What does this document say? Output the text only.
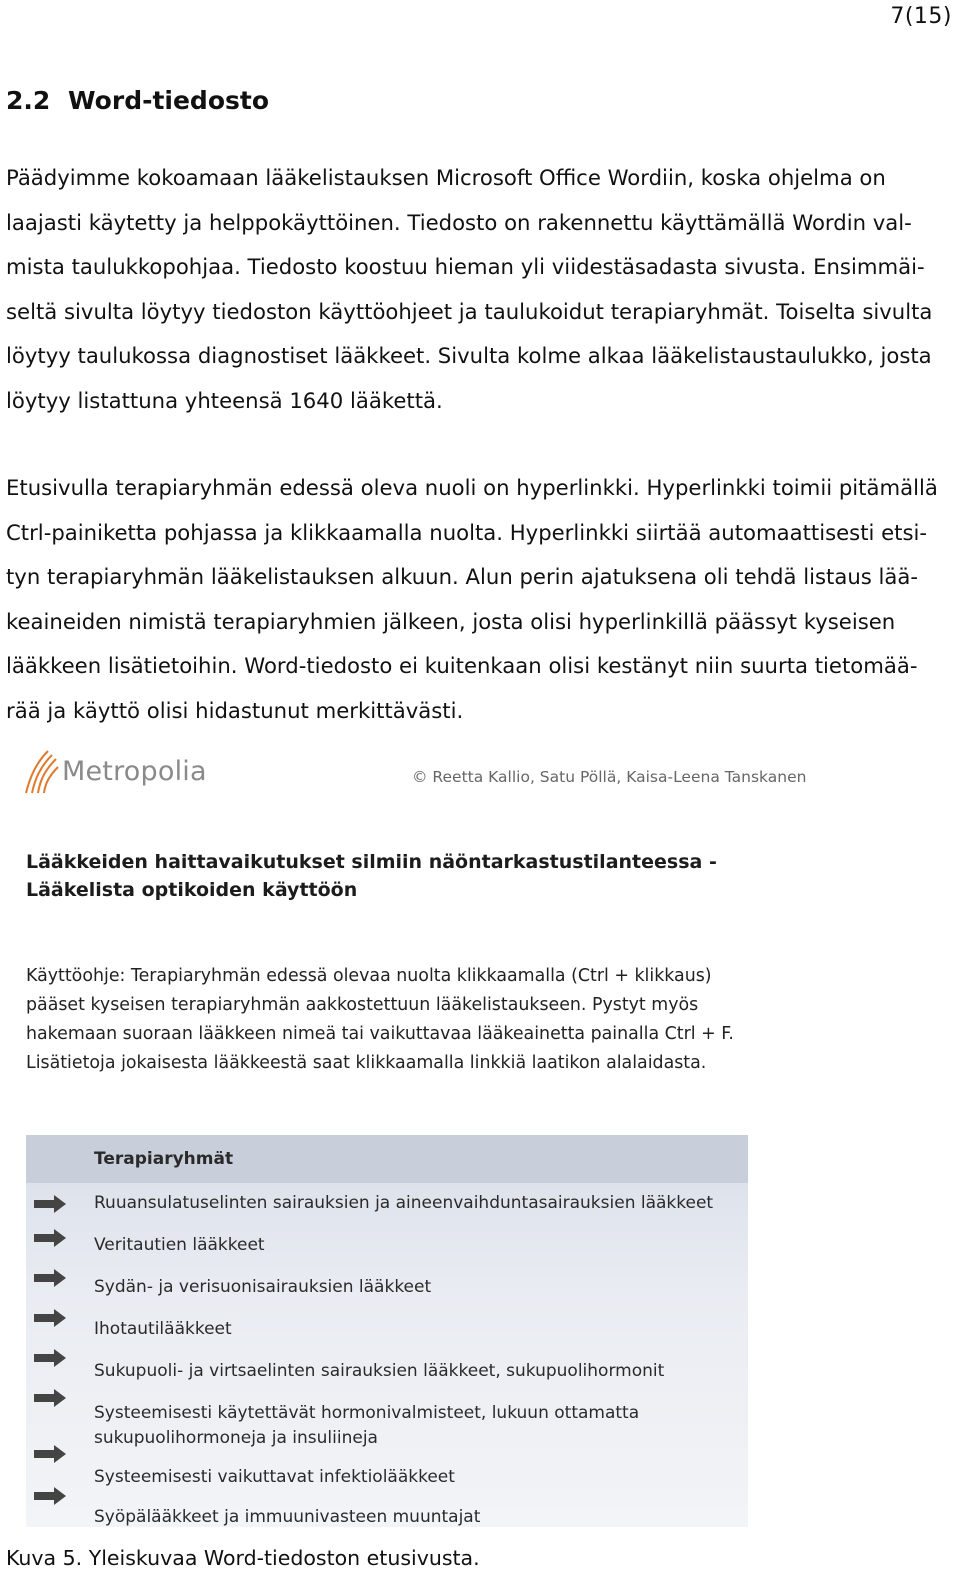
7(15)
2.2 Word-tiedosto

Päädyimme kokoamaan lääkelistauksen Microsoft Office Wordiin, koska ohjelma on
laajasti käytetty ja helppokäyttöinen. Tiedosto on rakennettu käyttämällä Wordin val-
mista taulukkopohjaa. Tiedosto koostuu hieman yli viidestäsadasta sivusta. Ensimmäi-
seltä sivulta löytyy tiedoston käyttöohjeet ja taulukoidut terapiaryhmät. Toiselta sivulta
löytyy taulukossa diagnostiset lääkkeet. Sivulta kolme alkaa lääkelistaustaulukko, josta
löytyy listattuna yhteensä 1640 lääkettä.

Etusivulla terapiaryhmän edessä oleva nuoli on hyperlinkki. Hyperlinkki toimii pitämällä
Ctrl-painiketta pohjassa ja klikkaamalla nuolta. Hyperlinkki siirtää automaattisesti etsi-
tyn terapiaryhmän lääkelistauksen alkuun. Alun perin ajatuksena oli tehdä listaus lää-
keaineiden nimistä terapiaryhmien jälkeen, josta olisi hyperlinkillä päässyt kyseisen
lääkkeen lisätietoihin. Word-tiedosto ei kuitenkaan olisi kestänyt niin suurta tietomää-
rää ja käyttö olisi hidastunut merkittävästi.

Metropolia	© Reetta Kallio, Satu Pöllä, Kaisa-Leena Tanskanen
Lääkkeiden haittavaikutukset silmiin näöntarkastustilanteessa -
Lääkelista optikoiden käyttöön
Käyttöohje: Terapiaryhmän edessä olevaa nuolta klikkaamalla (Ctrl + klikkaus)
pääset kyseisen terapiaryhmän aakkostettuun lääkelistaukseen. Pystyt myös
hakemaan suoraan lääkkeen nimeä tai vaikuttavaa lääkeainetta painalla Ctrl + F.
Lisätietoja jokaisesta lääkkeestä saat klikkaamalla linkkiä laatikon alalaidasta.
Terapiaryhmät
Ruuansulatuselinten sairauksien ja aineenvaihduntasairauksien lääkkeet
Veritautien lääkkeet
Sydän- ja verisuonisairauksien lääkkeet
Ihotautilääkkeet
Sukupuoli- ja virtsaelinten sairauksien lääkkeet, sukupuolihormonit
Systeemisesti käytettävät hormonivalmisteet, lukuun ottamatta
sukupuolihormoneja ja insuliineja
Systeemisesti vaikuttavat infektiolääkkeet
Syöpälääkkeet ja immuunivasteen muuntajat
Kuva 5. Yleiskuvaa Word-tiedoston etusivusta.
